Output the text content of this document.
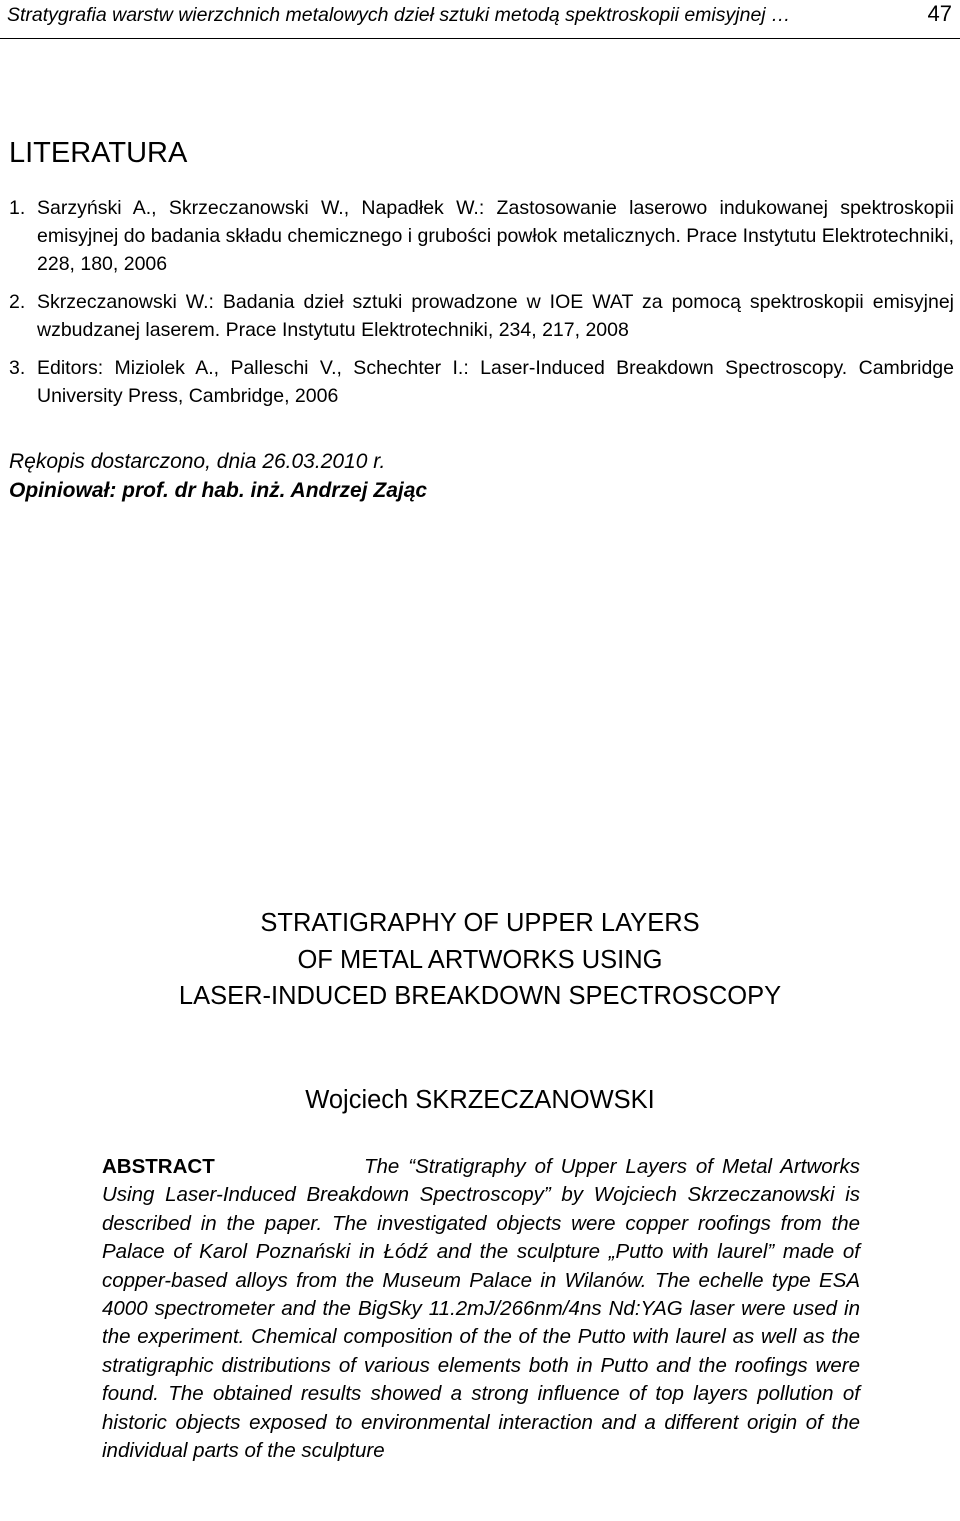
Stratygrafia warstw wierzchnich metalowych dzieł sztuki metodą spektroskopii emisyjnej …	47
LITERATURA
1. Sarzyński A., Skrzeczanowski W., Napadłek W.: Zastosowanie laserowo indukowanej spektroskopii emisyjnej do badania składu chemicznego i grubości powłok metalicznych. Prace Instytutu Elektrotechniki, 228, 180, 2006
2. Skrzeczanowski W.: Badania dzieł sztuki prowadzone w IOE WAT za pomocą spektroskopii emisyjnej wzbudzanej laserem. Prace Instytutu Elektrotechniki, 234, 217, 2008
3. Editors: Miziolek A., Palleschi V., Schechter I.: Laser-Induced Breakdown Spectroscopy. Cambridge University Press, Cambridge, 2006
Rękopis dostarczono, dnia 26.03.2010 r.
Opiniował: prof. dr hab. inż. Andrzej Zając
STRATIGRAPHY OF UPPER LAYERS
OF METAL ARTWORKS USING
LASER-INDUCED BREAKDOWN SPECTROSCOPY
Wojciech SKRZECZANOWSKI

ABSTRACT	The “Stratigraphy of Upper Layers of Metal Artworks Using Laser-Induced Breakdown Spectroscopy” by Wojciech Skrzeczanowski is described in the paper. The investigated objects were copper roofings from the Palace of Karol Poznański in Łódź and the sculpture „Putto with laurel” made of copper-based alloys from the Museum Palace in Wilanów. The echelle type ESA 4000 spectrometer and the BigSky 11.2mJ/266nm/4ns Nd:YAG laser were used in the experiment. Chemical composition of the of the Putto with laurel as well as the stratigraphic distributions of various elements both in Putto and the roofings were found. The obtained results showed a strong influence of top layers pollution of historic objects exposed to environmental interaction and a different origin of the individual parts of the sculpture
